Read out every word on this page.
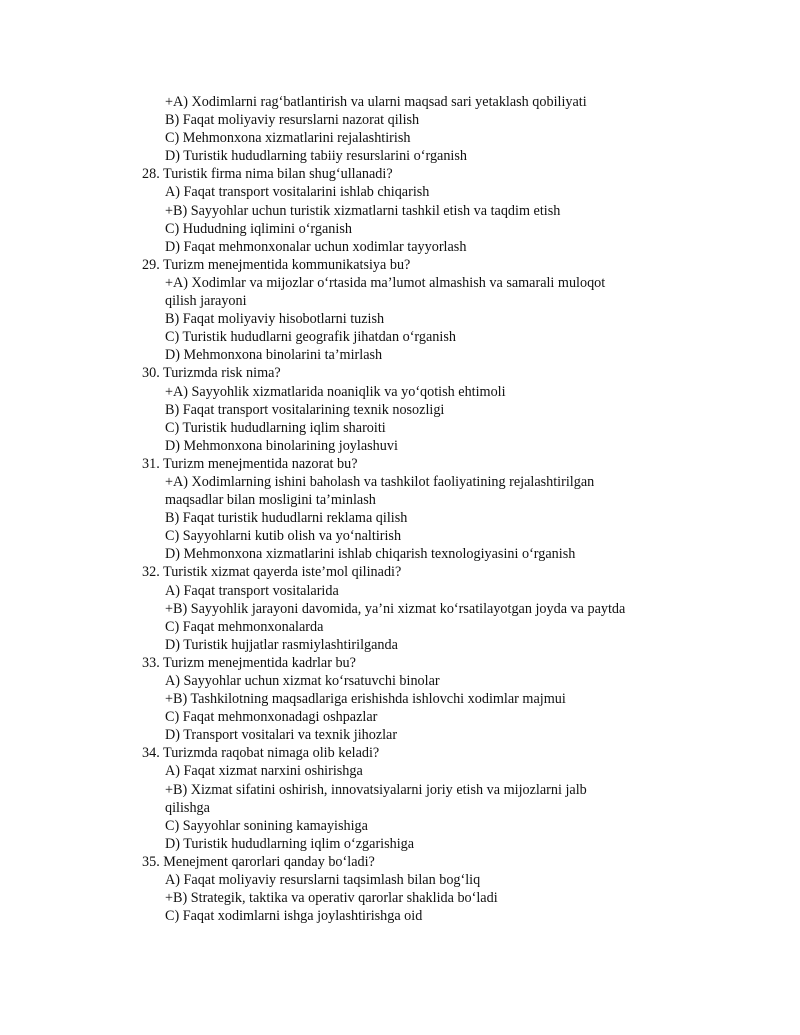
+A) Xodimlarni rag‘batlantirish va ularni maqsad sari yetaklash qobiliyati
B) Faqat moliyaviy resurslarni nazorat qilish
C) Mehmonxona xizmatlarini rejalashtirish
D) Turistik hududlarning tabiiy resurslarini o‘rganish
28. Turistik firma nima bilan shug‘ullanadi?
A) Faqat transport vositalarini ishlab chiqarish
+B) Sayyohlar uchun turistik xizmatlarni tashkil etish va taqdim etish
C) Hududning iqlimini o‘rganish
D) Faqat mehmonxonalar uchun xodimlar tayyorlash
29. Turizm menejmentida kommunikatsiya bu?
+A) Xodimlar va mijozlar o‘rtasida ma’lumot almashish va samarali muloqot
qilish jarayoni
B) Faqat moliyaviy hisobotlarni tuzish
C) Turistik hududlarni geografik jihatdan o‘rganish
D) Mehmonxona binolarini ta’mirlash
30. Turizmda risk nima?
+A) Sayyohlik xizmatlarida noaniqlik va yo‘qotish ehtimoli
B) Faqat transport vositalarining texnik nosozligi
C) Turistik hududlarning iqlim sharoiti
D) Mehmonxona binolarining joylashuvi
31. Turizm menejmentida nazorat bu?
+A) Xodimlarning ishini baholash va tashkilot faoliyatining rejalashtirilgan
maqsadlar bilan mosligini ta’minlash
B) Faqat turistik hududlarni reklama qilish
C) Sayyohlarni kutib olish va yo‘naltirish
D) Mehmonxona xizmatlarini ishlab chiqarish texnologiyasini o‘rganish
32. Turistik xizmat qayerda iste’mol qilinadi?
A) Faqat transport vositalarida
+B) Sayyohlik jarayoni davomida, ya’ni xizmat ko‘rsatilayotgan joyda va paytda
C) Faqat mehmonxonalarda
D) Turistik hujjatlar rasmiylashtirilganda
33. Turizm menejmentida kadrlar bu?
A) Sayyohlar uchun xizmat ko‘rsatuvchi binolar
+B) Tashkilotning maqsadlariga erishishda ishlovchi xodimlar majmui
C) Faqat mehmonxonadagi oshpazlar
D) Transport vositalari va texnik jihozlar
34. Turizmda raqobat nimaga olib keladi?
A) Faqat xizmat narxini oshirishga
+B) Xizmat sifatini oshirish, innovatsiyalarni joriy etish va mijozlarni jalb
qilishga
C) Sayyohlar sonining kamayishiga
D) Turistik hududlarning iqlim o‘zgarishiga
35. Menejment qarorlari qanday bo‘ladi?
A) Faqat moliyaviy resurslarni taqsimlash bilan bog‘liq
+B) Strategik, taktika va operativ qarorlar shaklida bo‘ladi
C) Faqat xodimlarni ishga joylashtirishga oid
